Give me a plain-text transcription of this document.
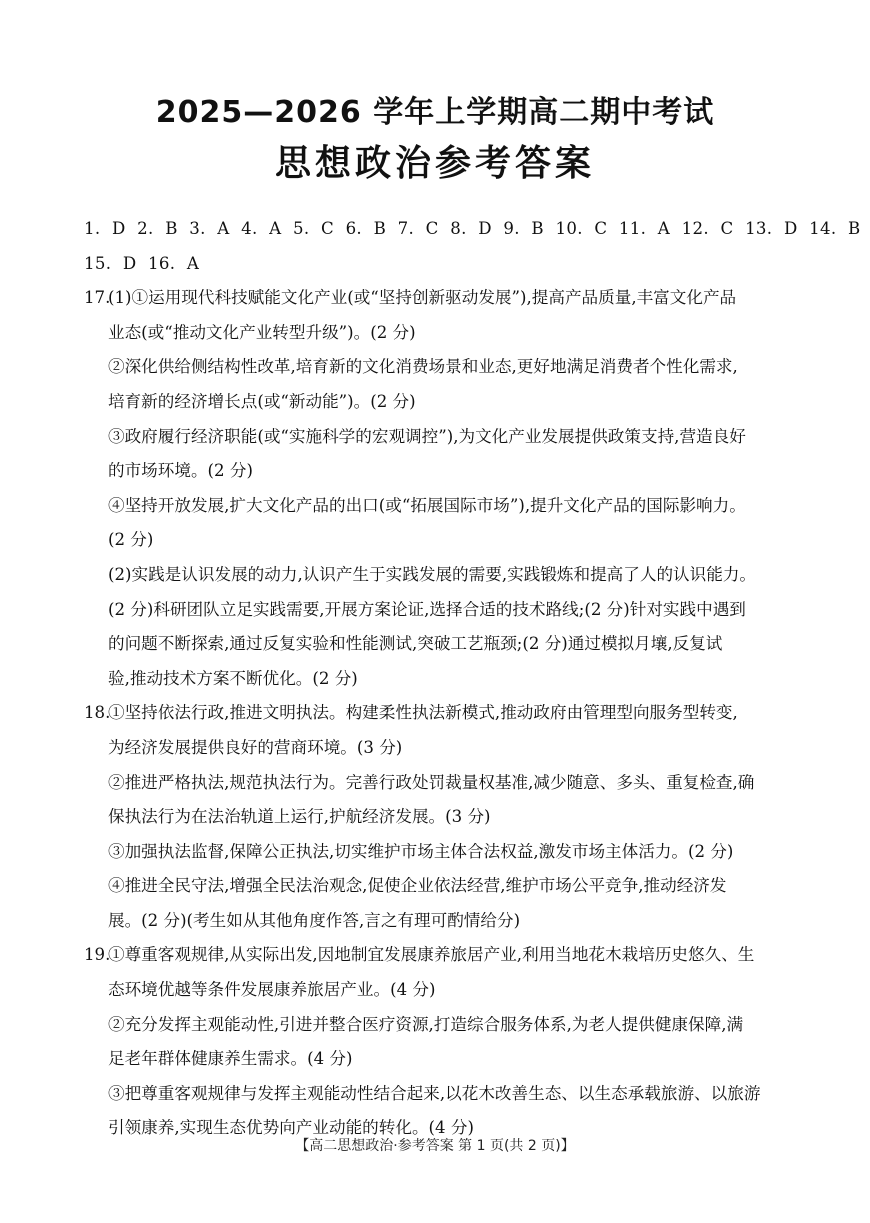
2025—2026 学年上学期高二期中考试
思想政治参考答案
1. D 2. B 3. A 4. A 5. C 6. B 7. C 8. D 9. B 10. C 11. A 12. C 13. D 14. B
15. D 16. A
17.(1)①运用现代科技赋能文化产业(或“坚持创新驱动发展”),提高产品质量,丰富文化产品
业态(或“推动文化产业转型升级”)。(2 分)
②深化供给侧结构性改革,培育新的文化消费场景和业态,更好地满足消费者个性化需求,
培育新的经济增长点(或“新动能”)。(2 分)
③政府履行经济职能(或“实施科学的宏观调控”),为文化产业发展提供政策支持,营造良好
的市场环境。(2 分)
④坚持开放发展,扩大文化产品的出口(或“拓展国际市场”),提升文化产品的国际影响力。
(2 分)
(2)实践是认识发展的动力,认识产生于实践发展的需要,实践锻炼和提高了人的认识能力。
(2 分)科研团队立足实践需要,开展方案论证,选择合适的技术路线;(2 分)针对实践中遇到
的问题不断探索,通过反复实验和性能测试,突破工艺瓶颈;(2 分)通过模拟月壤,反复试
验,推动技术方案不断优化。(2 分)
18.①坚持依法行政,推进文明执法。构建柔性执法新模式,推动政府由管理型向服务型转变,
为经济发展提供良好的营商环境。(3 分)
②推进严格执法,规范执法行为。完善行政处罚裁量权基准,减少随意、多头、重复检查,确
保执法行为在法治轨道上运行,护航经济发展。(3 分)
③加强执法监督,保障公正执法,切实维护市场主体合法权益,激发市场主体活力。(2 分)
④推进全民守法,增强全民法治观念,促使企业依法经营,维护市场公平竞争,推动经济发
展。(2 分)(考生如从其他角度作答,言之有理可酌情给分)
19.①尊重客观规律,从实际出发,因地制宜发展康养旅居产业,利用当地花木栽培历史悠久、生
态环境优越等条件发展康养旅居产业。(4 分)
②充分发挥主观能动性,引进并整合医疗资源,打造综合服务体系,为老人提供健康保障,满
足老年群体健康养生需求。(4 分)
③把尊重客观规律与发挥主观能动性结合起来,以花木改善生态、以生态承载旅游、以旅游
引领康养,实现生态优势向产业动能的转化。(4 分)
【高二思想政治·参考答案 第 1 页(共 2 页)】
